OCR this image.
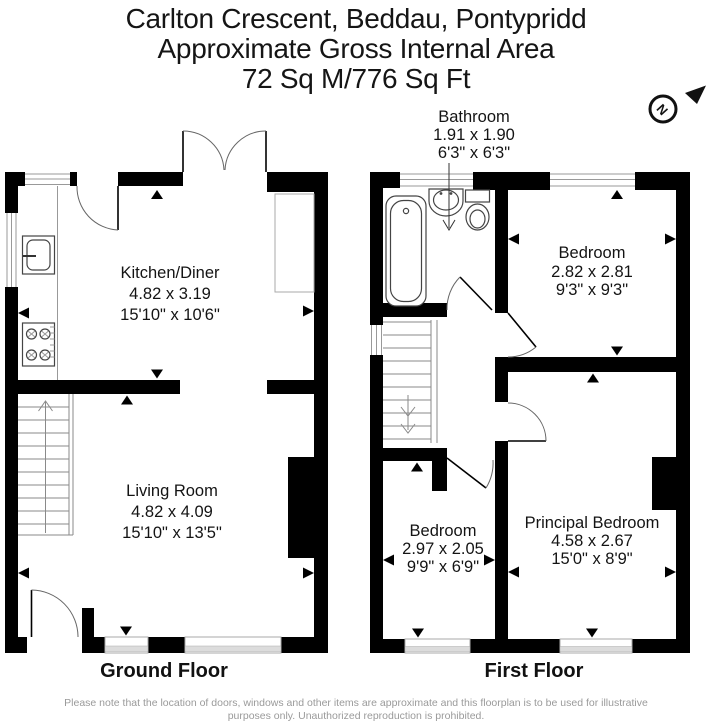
Carlton Crescent, Beddau, Pontypridd
Approximate Gross Internal Area
72 Sq M/776 Sq Ft
Kitchen/Diner
4.82 x 3.19
15'10" x 10'6"
Living Room
4.82 x 4.09
15'10" x 13'5"
Bathroom
1.91 x 1.90
6'3" x 6'3"
Bedroom
2.82 x 2.81
9'3" x 9'3"
Bedroom
2.97 x 2.05
9'9" x 6'9"
Principal Bedroom
4.58 x 2.67
15'0" x 8'9"
N
Ground Floor	First Floor
Please note that the location of doors, windows and other items are approximate and this floorplan is to be used for illustrative
purposes only. Unauthorized reproduction is prohibited.
